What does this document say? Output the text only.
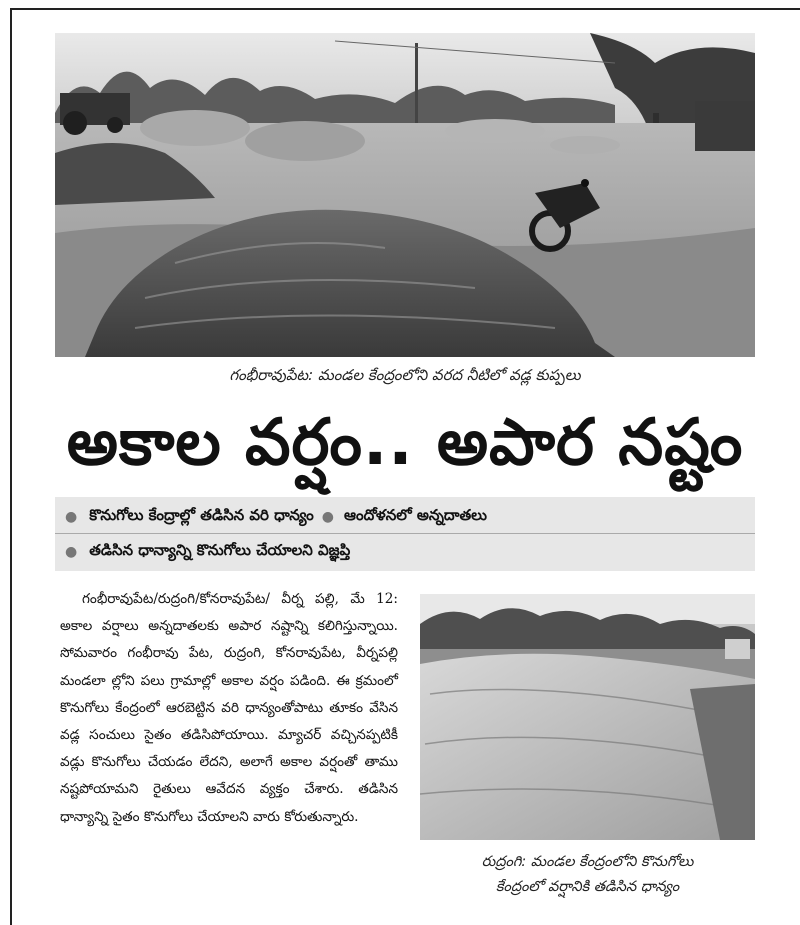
గంభీరావుపేట: మండల కేంద్రంలోని వరద నీటిలో వడ్ల కుప్పలు
అకాల వర్షం.. అపార నష్టం
● కొనుగోలు కేంద్రాల్లో తడిసిన వరి ధాన్యం ● ఆందోళనలో అన్నదాతలు
● తడిసిన ధాన్యాన్ని కొనుగోలు చేయాలని విజ్ఞప్తి

గంభీరావుపేట/రుద్రంగి/కోనరావుపేట/ వీర్న పల్లి, మే 12: అకాల వర్షాలు అన్నదాతలకు అపార నష్టాన్ని కలిగిస్తున్నాయి. సోమవారం గంభీరావు పేట, రుద్రంగి, కోనరావుపేట, వీర్నపల్లి మండలా ల్లోని పలు గ్రామాల్లో అకాల వర్షం పడింది. ఈ క్రమంలో కొనుగోలు కేంద్రంలో ఆరబెట్టిన వరి ధాన్యంతోపాటు తూకం వేసిన వడ్ల సంచులు సైతం తడిసిపోయాయి. మ్యాచర్ వచ్చినప్పటికీ వడ్లు కొనుగోలు చేయడం లేదని, అలాగే అకాల వర్షంతో తాము నష్టపోయామని రైతులు ఆవేదన వ్యక్తం చేశారు. తడిసిన ధాన్యాన్ని సైతం కొనుగోలు చేయాలని వారు కోరుతున్నారు.

రుద్రంగి: మండల కేంద్రంలోని కొనుగోలు
కేంద్రంలో వర్షానికి తడిసిన ధాన్యం
